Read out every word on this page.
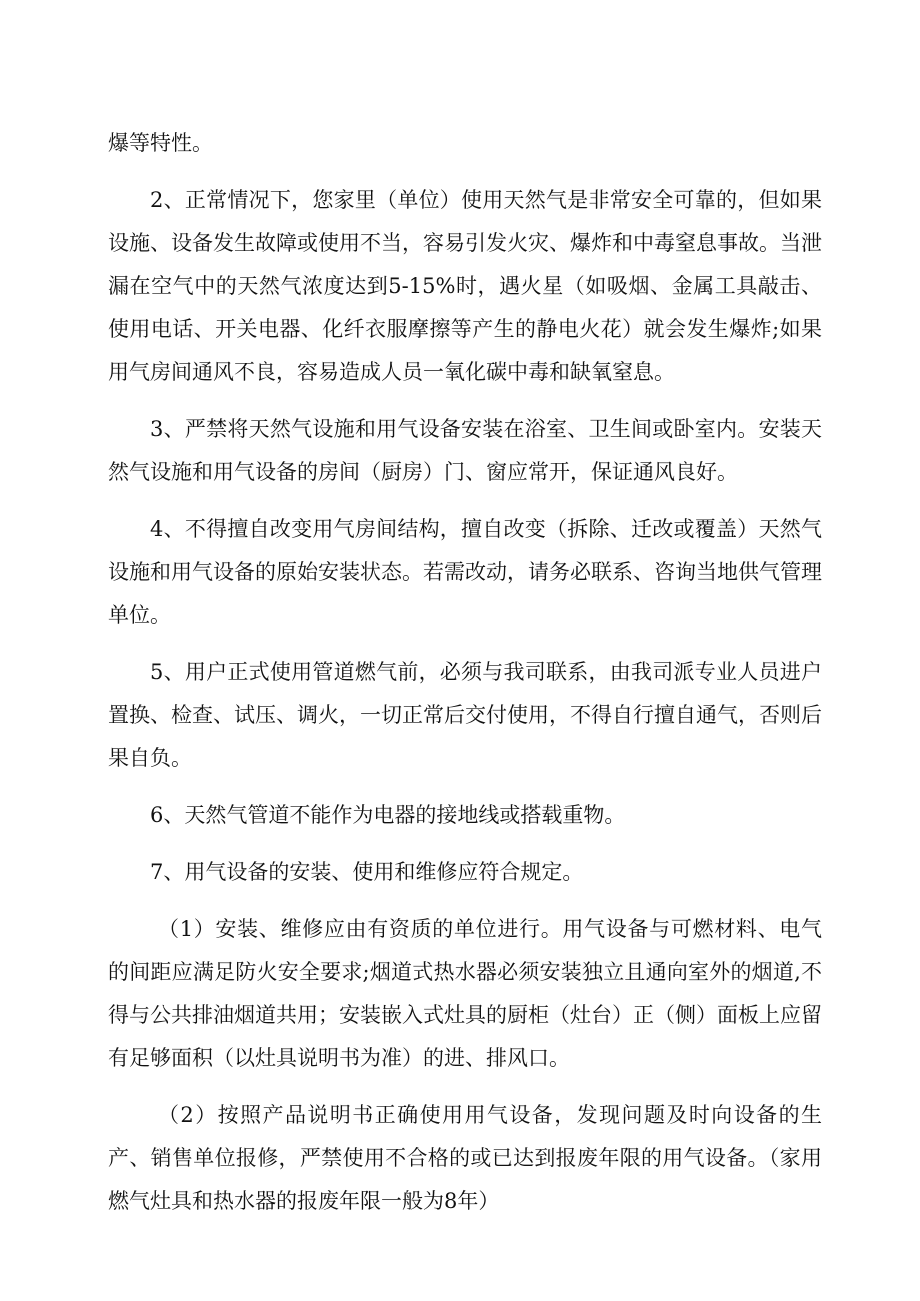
爆等特性。

2、正常情况下，您家里（单位）使用天然气是非常安全可靠的，但如果设施、设备发生故障或使用不当，容易引发火灾、爆炸和中毒窒息事故。当泄漏在空气中的天然气浓度达到5-15%时，遇火星（如吸烟、金属工具敲击、使用电话、开关电器、化纤衣服摩擦等产生的静电火花）就会发生爆炸;如果用气房间通风不良，容易造成人员一氧化碳中毒和缺氧窒息。

3、严禁将天然气设施和用气设备安装在浴室、卫生间或卧室内。安装天然气设施和用气设备的房间（厨房）门、窗应常开，保证通风良好。

4、不得擅自改变用气房间结构，擅自改变（拆除、迁改或覆盖）天然气设施和用气设备的原始安装状态。若需改动，请务必联系、咨询当地供气管理单位。

5、用户正式使用管道燃气前，必须与我司联系，由我司派专业人员进户置换、检查、试压、调火，一切正常后交付使用，不得自行擅自通气，否则后果自负。

6、天然气管道不能作为电器的接地线或搭载重物。

7、用气设备的安装、使用和维修应符合规定。

（1）安装、维修应由有资质的单位进行。用气设备与可燃材料、电气的间距应满足防火安全要求;烟道式热水器必须安装独立且通向室外的烟道,不得与公共排油烟道共用；安装嵌入式灶具的厨柜（灶台）正（侧）面板上应留有足够面积（以灶具说明书为准）的进、排风口。

（2）按照产品说明书正确使用用气设备，发现问题及时向设备的生产、销售单位报修，严禁使用不合格的或已达到报废年限的用气设备。（家用燃气灶具和热水器的报废年限一般为8年）
